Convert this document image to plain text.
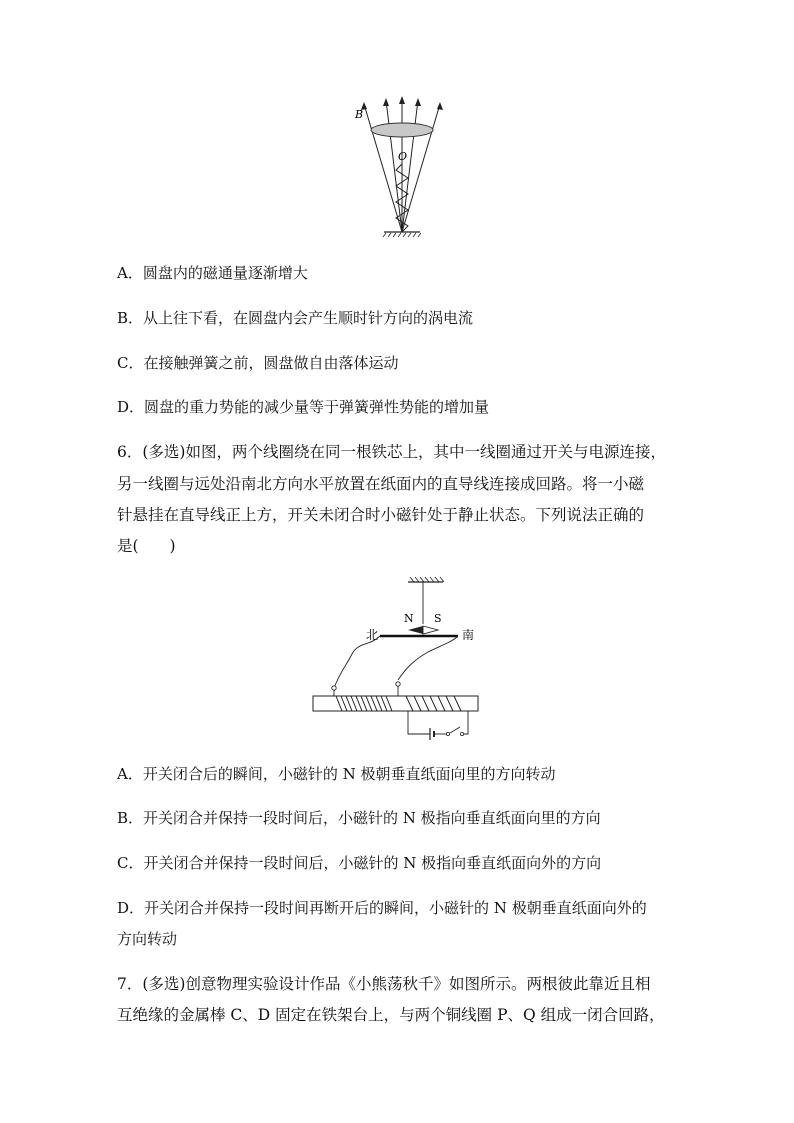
B
O
A．圆盘内的磁通量逐渐增大
B．从上往下看，在圆盘内会产生顺时针方向的涡电流
C．在接触弹簧之前，圆盘做自由落体运动
D．圆盘的重力势能的减少量等于弹簧弹性势能的增加量
6．(多选)如图，两个线圈绕在同一根铁芯上，其中一线圈通过开关与电源连接，
另一线圈与远处沿南北方向水平放置在纸面内的直导线连接成回路。将一小磁
针悬挂在直导线正上方，开关未闭合时小磁针处于静止状态。下列说法正确的
是(　　)
N S
北	南
A．开关闭合后的瞬间，小磁针的 N 极朝垂直纸面向里的方向转动
B．开关闭合并保持一段时间后，小磁针的 N 极指向垂直纸面向里的方向
C．开关闭合并保持一段时间后，小磁针的 N 极指向垂直纸面向外的方向
D．开关闭合并保持一段时间再断开后的瞬间，小磁针的 N 极朝垂直纸面向外的
方向转动
7．(多选)创意物理实验设计作品《小熊荡秋千》如图所示。两根彼此靠近且相
互绝缘的金属棒 C、D 固定在铁架台上，与两个铜线圈 P、Q 组成一闭合回路，
